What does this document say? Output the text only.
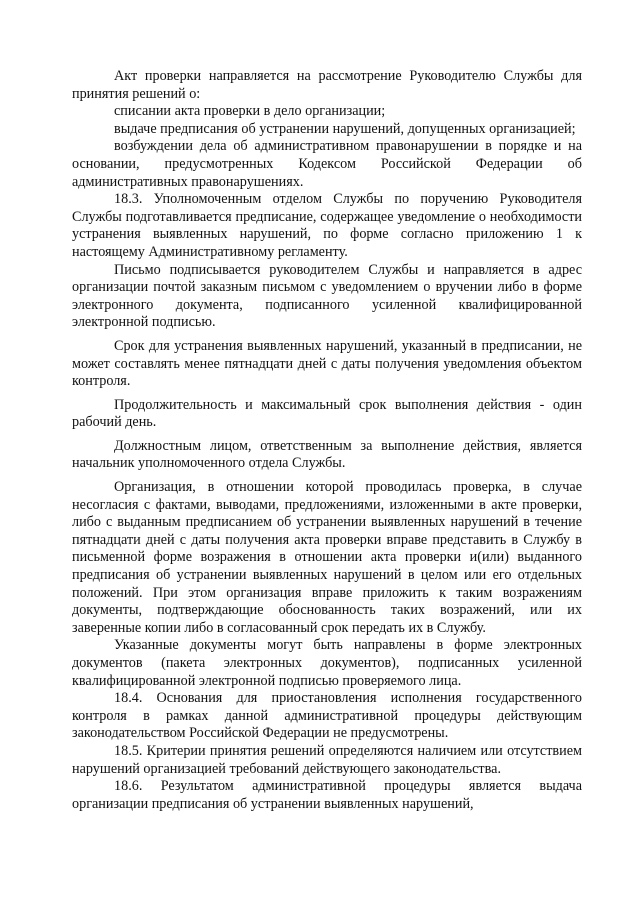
Акт проверки направляется на рассмотрение Руководителю Службы для принятия решений о:

списании акта проверки в дело организации;

выдаче предписания об устранении нарушений, допущенных организацией;

возбуждении дела об административном правонарушении в порядке и на основании, предусмотренных Кодексом Российской Федерации об административных правонарушениях.

18.3. Уполномоченным отделом Службы по поручению Руководителя Службы подготавливается предписание, содержащее уведомление о необходимости устранения выявленных нарушений, по форме согласно приложению 1 к настоящему Административному регламенту.

Письмо подписывается руководителем Службы и направляется в адрес организации почтой заказным письмом с уведомлением о вручении либо в форме электронного документа, подписанного усиленной квалифицированной электронной подписью.

Срок для устранения выявленных нарушений, указанный в предписании, не может составлять менее пятнадцати дней с даты получения уведомления объектом контроля.

Продолжительность и максимальный срок выполнения действия - один рабочий день.

Должностным лицом, ответственным за выполнение действия, является начальник уполномоченного отдела Службы.

Организация, в отношении которой проводилась проверка, в случае несогласия с фактами, выводами, предложениями, изложенными в акте проверки, либо с выданным предписанием об устранении выявленных нарушений в течение пятнадцати дней с даты получения акта проверки вправе представить в Службу в письменной форме возражения в отношении акта проверки и(или) выданного предписания об устранении выявленных нарушений в целом или его отдельных положений. При этом организация вправе приложить к таким возражениям документы, подтверждающие обоснованность таких возражений, или их заверенные копии либо в согласованный срок передать их в Службу.

Указанные документы могут быть направлены в форме электронных документов (пакета электронных документов), подписанных усиленной квалифицированной электронной подписью проверяемого лица.

18.4. Основания для приостановления исполнения государственного контроля в рамках данной административной процедуры действующим законодательством Российской Федерации не предусмотрены.

18.5. Критерии принятия решений определяются наличием или отсутствием нарушений организацией требований действующего законодательства.

18.6. Результатом административной процедуры является выдача организации предписания об устранении выявленных нарушений,
